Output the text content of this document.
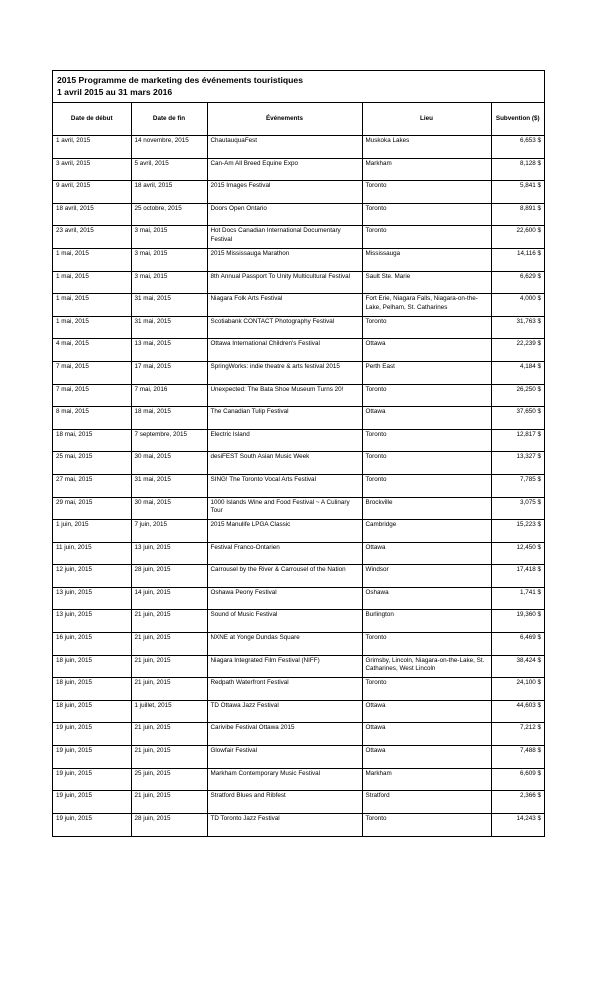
2015 Programme de marketing des événements touristiques
1 avril 2015 au 31 mars 2016
Date de début	Date de fin	Événements	Lieu	Subvention ($)
1 avril, 2015	14 novembre, 2015	ChautauquaFest	Muskoka Lakes	6,653 $
3 avril, 2015	5 avril, 2015	Can-Am All Breed Equine Expo	Markham	8,128 $
9 avril, 2015	18 avril, 2015	2015 Images Festival	Toronto	5,841 $
18 avril, 2015	25 octobre, 2015	Doors Open Ontario	Toronto	8,891 $
23 avril, 2015	3 mai, 2015	Hot Docs Canadian International Documentary Festival	Toronto	22,600 $
1 mai, 2015	3 mai, 2015	2015 Mississauga Marathon	Mississauga	14,116 $
1 mai, 2015	3 mai, 2015	8th Annual Passport To Unity Multicultural Festival	Sault Ste. Marie	6,629 $
1 mai, 2015	31 mai, 2015	Niagara Folk Arts Festival	Fort Erie, Niagara Falls, Niagara-on-the-Lake, Pelham, St. Catharines	4,000 $
1 mai, 2015	31 mai, 2015	Scotiabank CONTACT Photography Festival	Toronto	31,763 $
4 mai, 2015	13 mai, 2015	Ottawa International Children's Festival	Ottawa	22,239 $
7 mai, 2015	17 mai, 2015	SpringWorks: indie theatre & arts festival 2015	Perth East	4,184 $
7 mai, 2015	7 mai, 2016	Unexpected: The Bata Shoe Museum Turns 20!	Toronto	26,250 $
8 mai, 2015	18 mai, 2015	The Canadian Tulip Festival	Ottawa	37,650 $
18 mai, 2015	7 septembre, 2015	Electric Island	Toronto	12,817 $
25 mai, 2015	30 mai, 2015	desiFEST South Asian Music Week	Toronto	13,327 $
27 mai, 2015	31 mai, 2015	SING! The Toronto Vocal Arts Festival	Toronto	7,785 $
29 mai, 2015	30 mai, 2015	1000 Islands Wine and Food Festival ~ A Culinary Tour	Brockville	3,075 $
1 juin, 2015	7 juin, 2015	2015 Manulife LPGA Classic	Cambridge	15,223 $
11 juin, 2015	13 juin, 2015	Festival Franco-Ontarien	Ottawa	12,450 $
12 juin, 2015	28 juin, 2015	Carrousel by the River & Carrousel of the Nation	Windsor	17,418 $
13 juin, 2015	14 juin, 2015	Oshawa Peony Festival	Oshawa	1,741 $
13 juin, 2015	21 juin, 2015	Sound of Music Festival	Burlington	19,360 $
16 juin, 2015	21 juin, 2015	NXNE at Yonge Dundas Square	Toronto	6,469 $
18 juin, 2015	21 juin, 2015	Niagara Integrated Film Festival (NIFF)	Grimsby, Lincoln, Niagara-on-the-Lake, St. Catharines, West Lincoln	38,424 $
18 juin, 2015	21 juin, 2015	Redpath Waterfront Festival	Toronto	24,100 $
18 juin, 2015	1 juillet, 2015	TD Ottawa Jazz Festival	Ottawa	44,603 $
19 juin, 2015	21 juin, 2015	Carivibe Festival Ottawa 2015	Ottawa	7,212 $
19 juin, 2015	21 juin, 2015	Glowfair Festival	Ottawa	7,488 $
19 juin, 2015	25 juin, 2015	Markham Contemporary Music Festival	Markham	6,609 $
19 juin, 2015	21 juin, 2015	Stratford Blues and Ribfest	Stratford	2,366 $
19 juin, 2015	28 juin, 2015	TD Toronto Jazz Festival	Toronto	14,243 $
